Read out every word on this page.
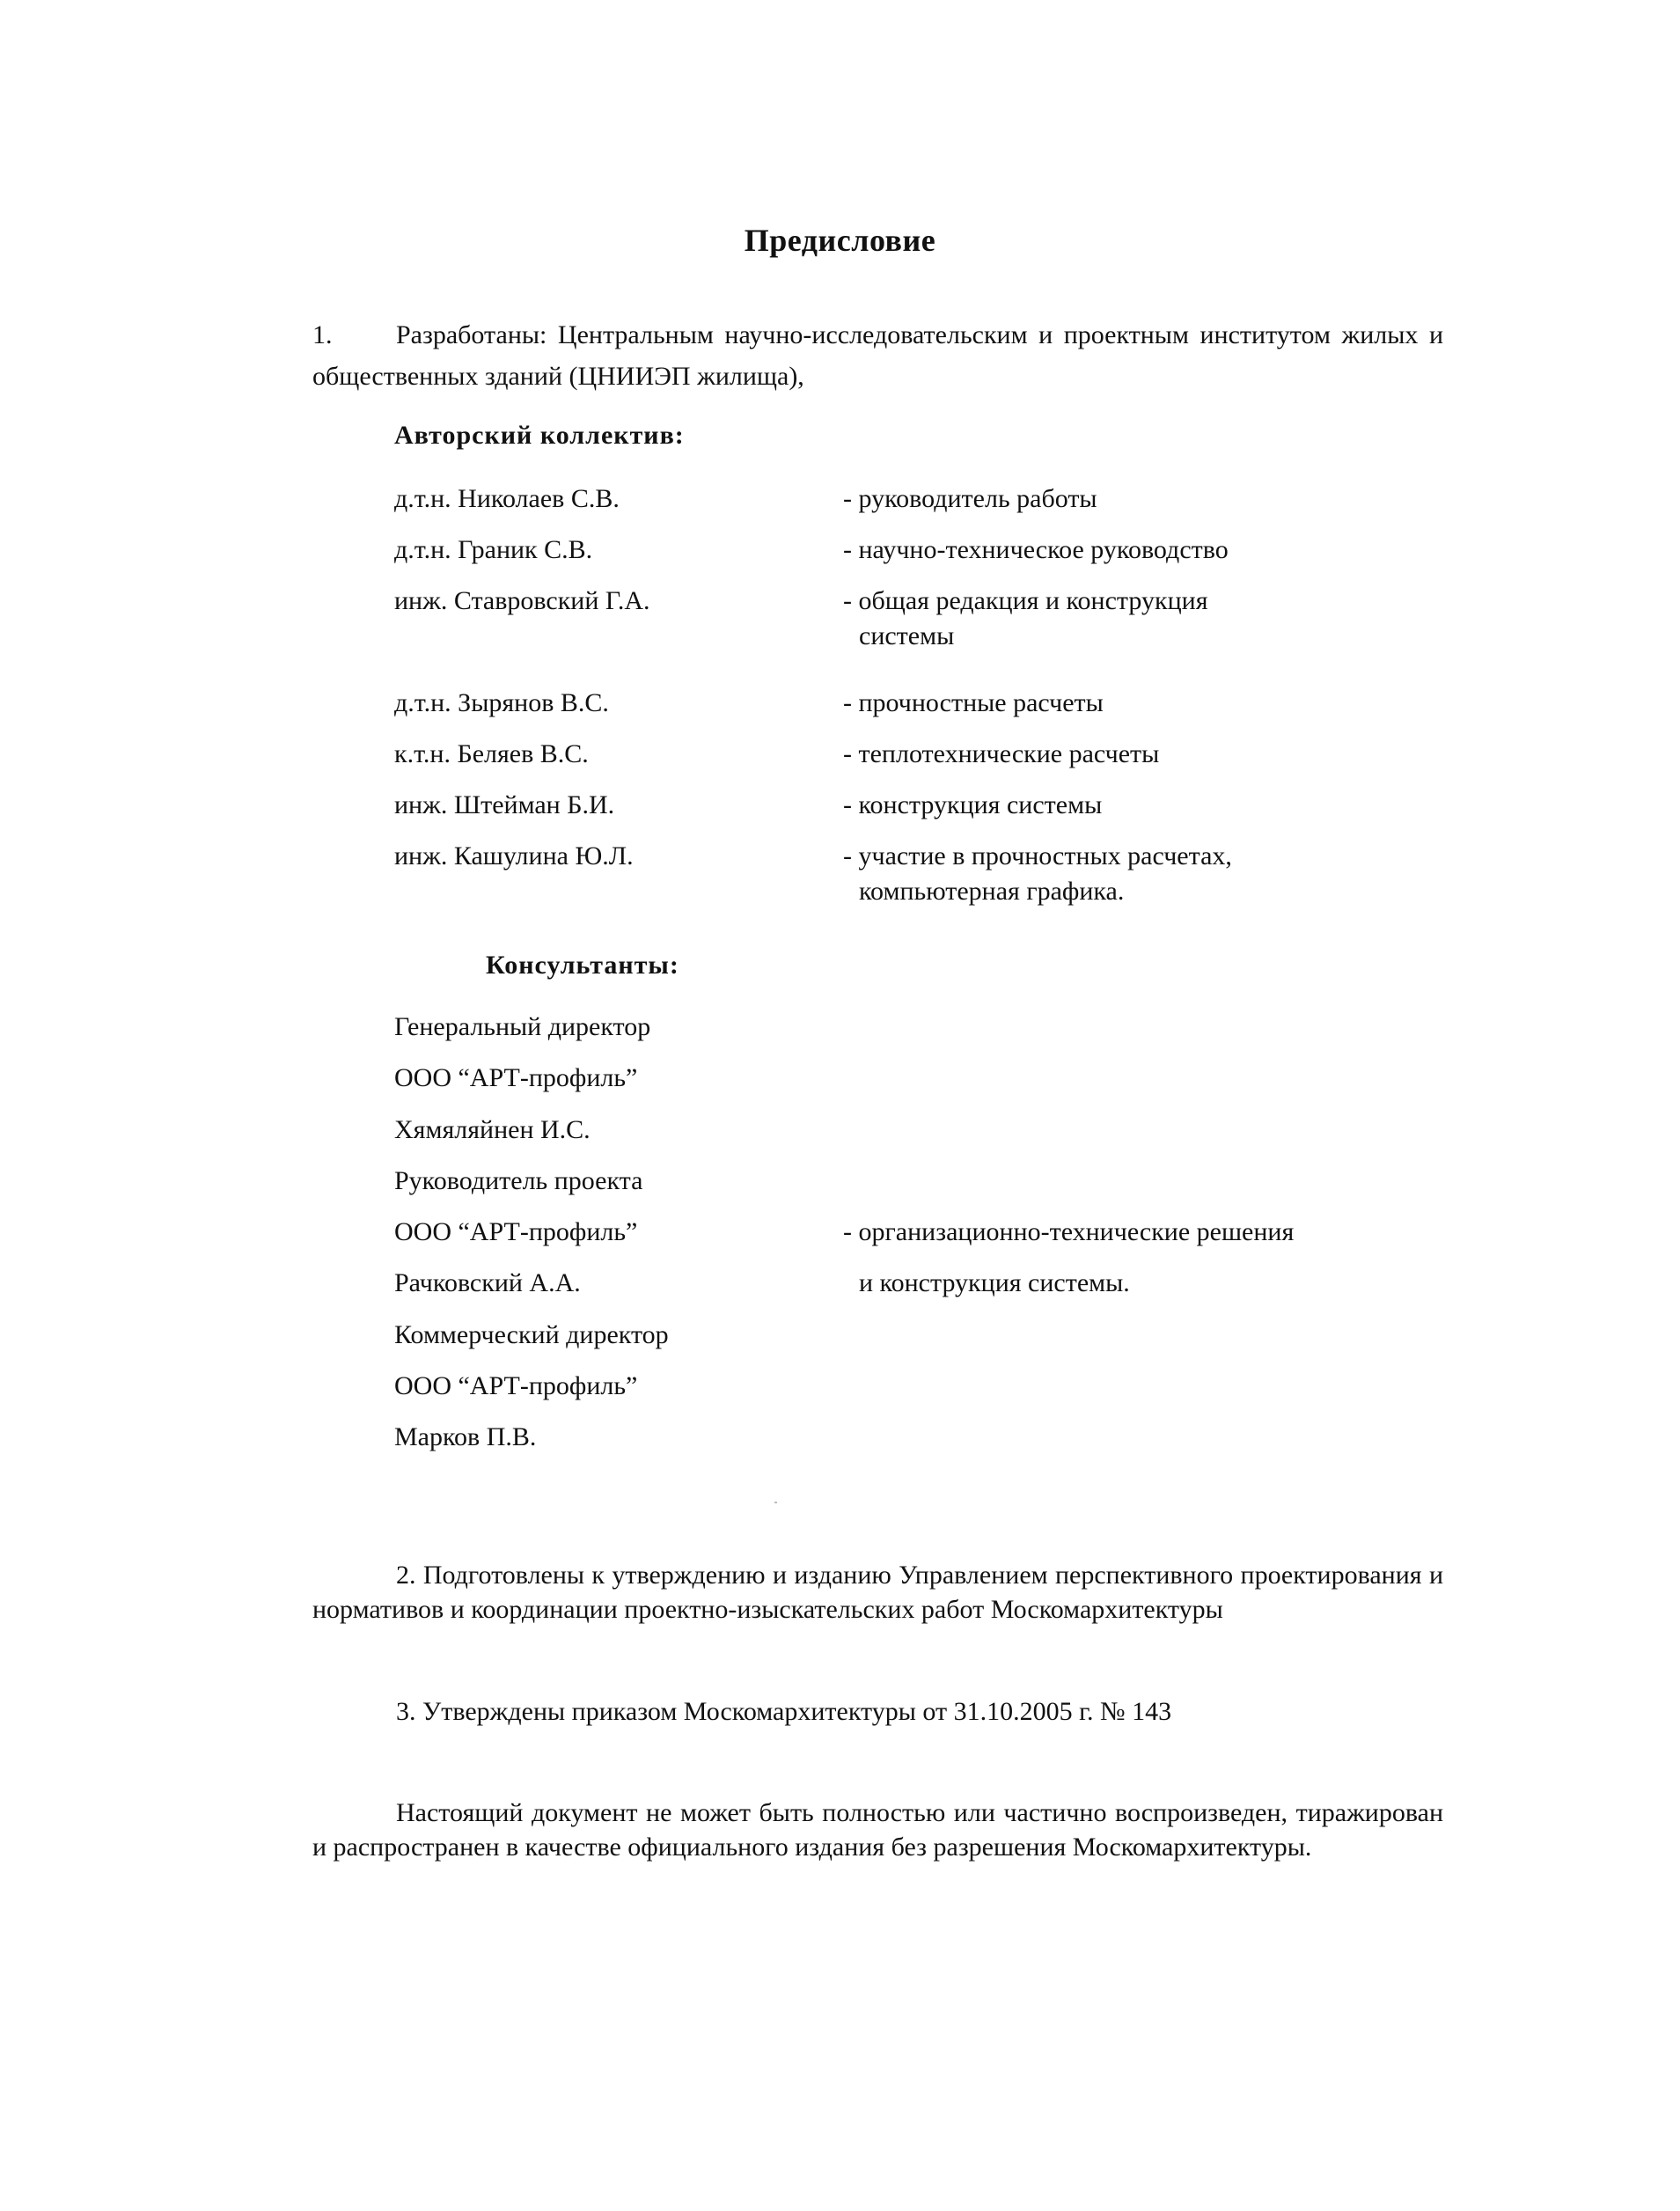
Предисловие
1. Разработаны: Центральным научно-исследовательским и проектным институтом жилых и общественных зданий (ЦНИИЭП жилища),
Авторский коллектив:
д.т.н. Николаев С.В.	- руководитель работы
д.т.н. Граник С.В.	- научно-техническое руководство
инж. Ставровский Г.А.	- общая редакция и конструкция
системы
д.т.н. Зырянов В.С.	- прочностные расчеты
к.т.н. Беляев В.С.	- теплотехнические расчеты
инж. Штейман Б.И.	- конструкция системы
инж. Кашулина Ю.Л.	- участие в прочностных расчетах,
компьютерная графика.
Консультанты:
Генеральный директор
ООО “АРТ-профиль”
Хямяляйнен И.С.
Руководитель проекта
ООО “АРТ-профиль”	- организационно-технические решения
Рачковский А.А.	и конструкция системы.
Коммерческий директор
ООО “АРТ-профиль”
Марков П.В.
2. Подготовлены к утверждению и изданию Управлением перспективного проектирования и нормативов и координации проектно-изыскательских работ Москомархитектуры
3. Утверждены приказом Москомархитектуры от 31.10.2005 г. № 143
Настоящий документ не может быть полностью или частично воспроизведен, тиражирован и распространен в качестве официального издания без разрешения Москомархитектуры.
